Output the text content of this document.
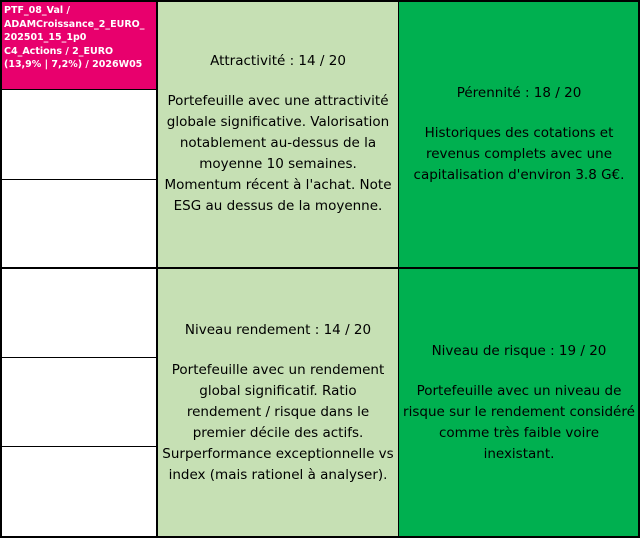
PTF_08_Val /
ADAMCroissance_2_EURO_
202501_15_1p0
C4_Actions / 2_EURO
(13,9% | 7,2%) / 2026W05	Attractivité : 14 / 20
Portefeuille avec une attractivité globale significative. Valorisation notablement au-dessus de la moyenne 10 semaines. Momentum récent à l'achat. Note ESG au dessus de la moyenne.
Pérennité : 18 / 20
Historiques des cotations et revenus complets avec une capitalisation d'environ 3.8 G€.
Niveau rendement : 14 / 20
Portefeuille avec un rendement global significatif. Ratio rendement / risque dans le premier décile des actifs. Surperformance exceptionnelle vs index (mais rationel à analyser).
Niveau de risque : 19 / 20
Portefeuille avec un niveau de risque sur le rendement considéré comme très faible voire inexistant.
